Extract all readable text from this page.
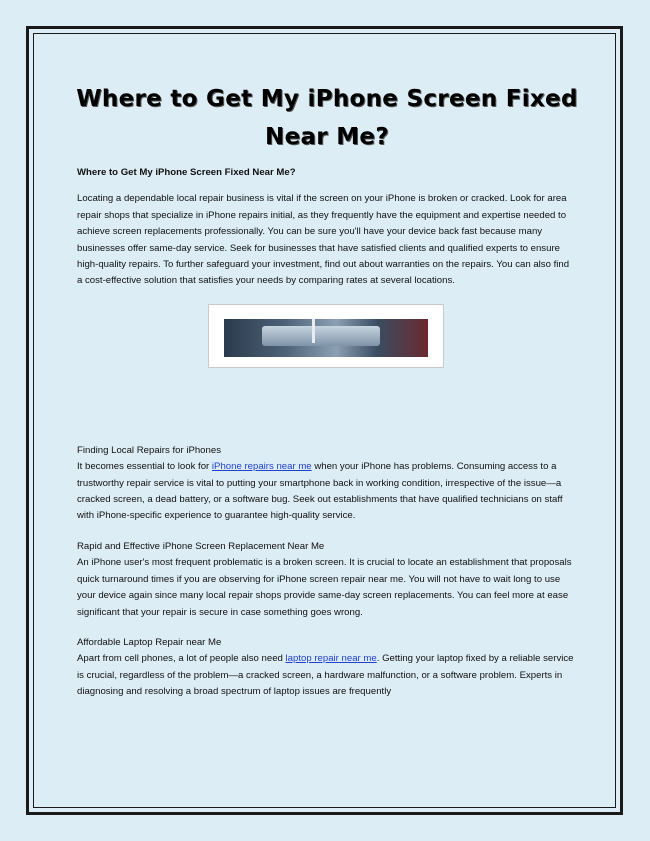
Where to Get My iPhone Screen Fixed Near Me?

Where to Get My iPhone Screen Fixed Near Me?

Locating a dependable local repair business is vital if the screen on your iPhone is broken or cracked. Look for area repair shops that specialize in iPhone repairs initial, as they frequently have the equipment and expertise needed to achieve screen replacements professionally. You can be sure you'll have your device back fast because many businesses offer same-day service. Seek for businesses that have satisfied clients and qualified experts to ensure high-quality repairs. To further safeguard your investment, find out about warranties on the repairs. You can also find a cost-effective solution that satisfies your needs by comparing rates at several locations.

Finding Local Repairs for iPhones

It becomes essential to look for iPhone repairs near me when your iPhone has problems. Consuming access to a trustworthy repair service is vital to putting your smartphone back in working condition, irrespective of the issue—a cracked screen, a dead battery, or a software bug. Seek out establishments that have qualified technicians on staff with iPhone-specific experience to guarantee high-quality service.

Rapid and Effective iPhone Screen Replacement Near Me

An iPhone user's most frequent problematic is a broken screen. It is crucial to locate an establishment that proposals quick turnaround times if you are observing for iPhone screen repair near me. You will not have to wait long to use your device again since many local repair shops provide same-day screen replacements. You can feel more at ease significant that your repair is secure in case something goes wrong.

Affordable Laptop Repair near Me

Apart from cell phones, a lot of people also need laptop repair near me. Getting your laptop fixed by a reliable service is crucial, regardless of the problem—a cracked screen, a hardware malfunction, or a software problem. Experts in diagnosing and resolving a broad spectrum of laptop issues are frequently
